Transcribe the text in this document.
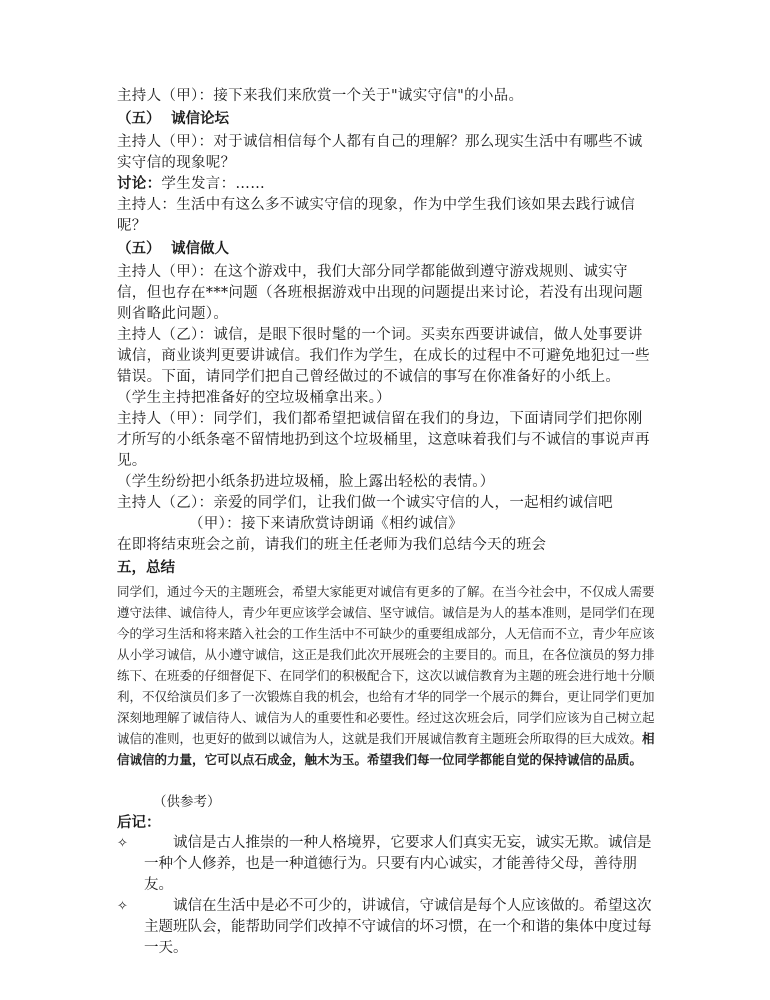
主持人（甲）：接下来我们来欣赏一个关于"诚实守信"的小品。

（五） 诚信论坛

主持人（甲）：对于诚信相信每个人都有自己的理解？那么现实生活中有哪些不诚实守信的现象呢？

讨论：学生发言：……

主持人：生活中有这么多不诚实守信的现象，作为中学生我们该如果去践行诚信呢？

（五） 诚信做人

主持人（甲）：在这个游戏中，我们大部分同学都能做到遵守游戏规则、诚实守信，但也存在***问题（各班根据游戏中出现的问题提出来讨论，若没有出现问题则省略此问题）。

主持人（乙）：诚信，是眼下很时髦的一个词。买卖东西要讲诚信，做人处事要讲诚信，商业谈判更要讲诚信。我们作为学生，在成长的过程中不可避免地犯过一些错误。下面，请同学们把自己曾经做过的不诚信的事写在你准备好的小纸上。

（学生主持把准备好的空垃圾桶拿出来。）

主持人（甲）：同学们，我们都希望把诚信留在我们的身边，下面请同学们把你刚才所写的小纸条毫不留情地扔到这个垃圾桶里，这意味着我们与不诚信的事说声再见。

（学生纷纷把小纸条扔进垃圾桶，脸上露出轻松的表情。）

主持人（乙）：亲爱的同学们，让我们做一个诚实守信的人，一起相约诚信吧

（甲）：接下来请欣赏诗朗诵《相约诚信》

在即将结束班会之前，请我们的班主任老师为我们总结今天的班会

五，总结

同学们，通过今天的主题班会，希望大家能更对诚信有更多的了解。在当今社会中，不仅成人需要遵守法律、诚信待人，青少年更应该学会诚信、坚守诚信。诚信是为人的基本准则，是同学们在现今的学习生活和将来踏入社会的工作生活中不可缺少的重要组成部分，人无信而不立，青少年应该从小学习诚信，从小遵守诚信，这正是我们此次开展班会的主要目的。而且，在各位演员的努力排练下、在班委的仔细督促下、在同学们的积极配合下，这次以诚信教育为主题的班会进行地十分顺利，不仅给演员们多了一次锻炼自我的机会，也给有才华的同学一个展示的舞台，更让同学们更加深刻地理解了诚信待人、诚信为人的重要性和必要性。经过这次班会后，同学们应该为自己树立起诚信的准则，也更好的做到以诚信为人，这就是我们开展诚信教育主题班会所取得的巨大成效。相信诚信的力量，它可以点石成金，触木为玉。希望我们每一位同学都能自觉的保持诚信的品质。

（供参考）

后记：

✧	诚信是古人推崇的一种人格境界，它要求人们真实无妄，诚实无欺。诚信是一种个人修养，也是一种道德行为。只要有内心诚实，才能善待父母，善待朋友。
✧	诚信在生活中是必不可少的，讲诚信，守诚信是每个人应该做的。希望这次主题班队会，能帮助同学们改掉不守诚信的坏习惯，在一个和谐的集体中度过每一天。
